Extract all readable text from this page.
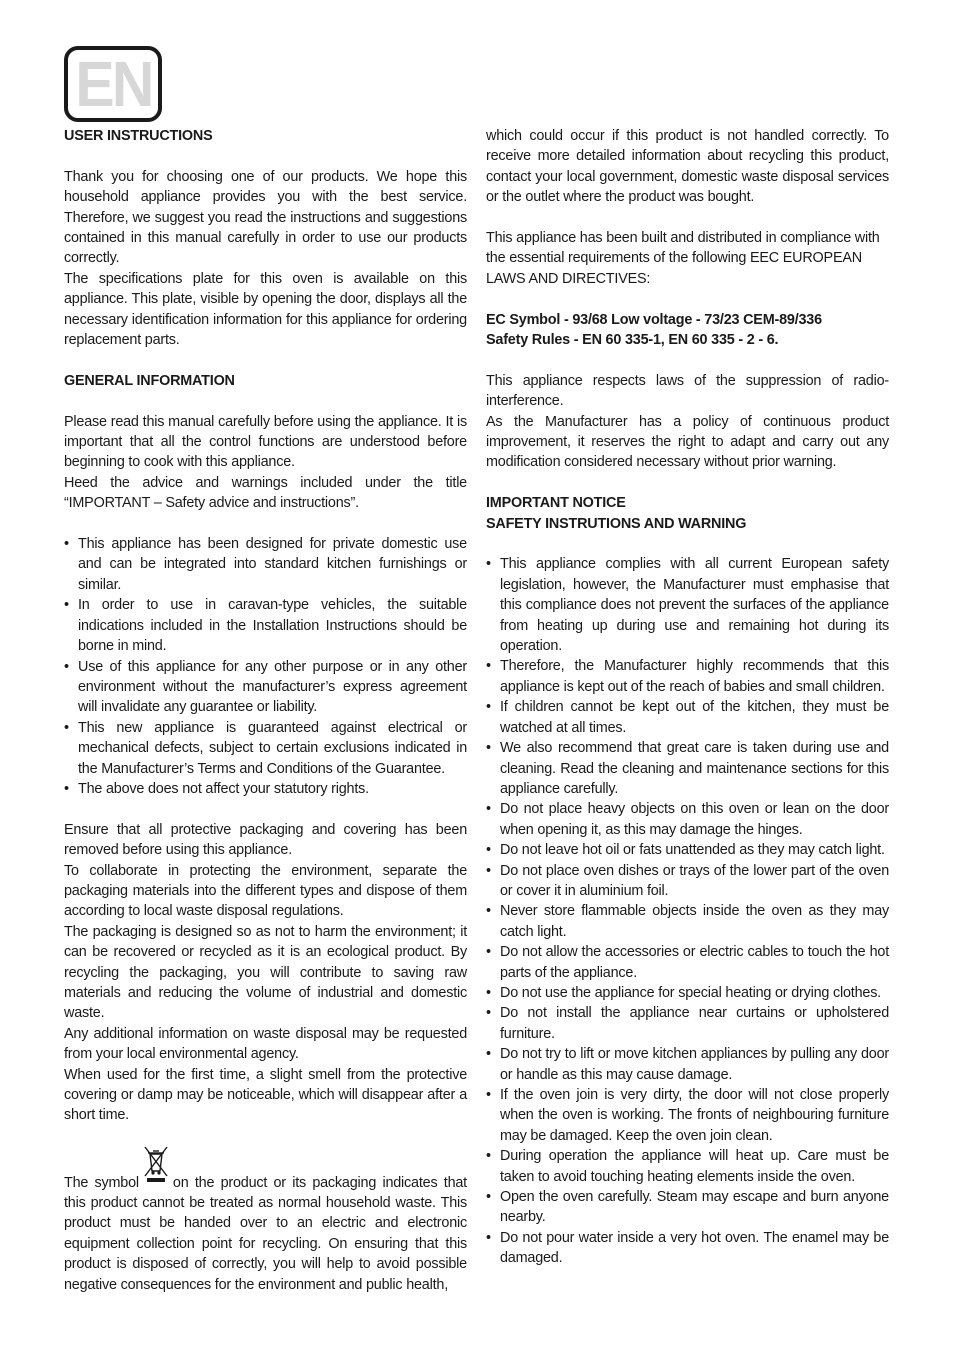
EN

USER INSTRUCTIONS

Thank you for choosing one of our products. We hope this household appliance provides you with the best service. Therefore, we suggest you read the instructions and suggestions contained in this manual carefully in order to use our products correctly.

The specifications plate for this oven is available on this appliance. This plate, visible by opening the door, displays all the necessary identification information for this appliance for ordering replacement parts.

GENERAL INFORMATION

Please read this manual carefully before using the appliance. It is important that all the control functions are understood before beginning to cook with this appliance.

Heed the advice and warnings included under the title “IMPORTANT – Safety advice and instructions”.

• This appliance has been designed for private domestic use and can be integrated into standard kitchen furnishings or similar.
• In order to use in caravan-type vehicles, the suitable indications included in the Installation Instructions should be borne in mind.
• Use of this appliance for any other purpose or in any other environment without the manufacturer’s express agreement will invalidate any guarantee or liability.
• This new appliance is guaranteed against electrical or mechanical defects, subject to certain exclusions indicated in the Manufacturer’s Terms and Conditions of the Guarantee.
• The above does not affect your statutory rights.

Ensure that all protective packaging and covering has been removed before using this appliance.

To collaborate in protecting the environment, separate the packaging materials into the different types and dispose of them according to local waste disposal regulations.

The packaging is designed so as not to harm the environment; it can be recovered or recycled as it is an ecological product. By recycling the packaging, you will contribute to saving raw materials and reducing the volume of industrial and domestic waste.

Any additional information on waste disposal may be requested from your local environmental agency.

When used for the first time, a slight smell from the protective covering or damp may be noticeable, which will disappear after a short time.

The symbol on the product or its packaging indicates that this product cannot be treated as normal household waste. This product must be handed over to an electric and electronic equipment collection point for recycling. On ensuring that this product is disposed of correctly, you will help to avoid possible negative consequences for the environment and public health,

which could occur if this product is not handled correctly. To receive more detailed information about recycling this product, contact your local government, domestic waste disposal services or the outlet where the product was bought.

This appliance has been built and distributed in compliance with the essential requirements of the following EEC EUROPEAN LAWS AND DIRECTIVES:

EC Symbol - 93/68 Low voltage - 73/23 CEM-89/336

Safety Rules - EN 60 335-1, EN 60 335 - 2 - 6.

This appliance respects laws of the suppression of radio-interference.

As the Manufacturer has a policy of continuous product improvement, it reserves the right to adapt and carry out any modification considered necessary without prior warning.

IMPORTANT NOTICE

SAFETY INSTRUTIONS AND WARNING

• This appliance complies with all current European safety legislation, however, the Manufacturer must emphasise that this compliance does not prevent the surfaces of the appliance from heating up during use and remaining hot during its operation.
• Therefore, the Manufacturer highly recommends that this appliance is kept out of the reach of babies and small children.
• If children cannot be kept out of the kitchen, they must be watched at all times.
• We also recommend that great care is taken during use and cleaning. Read the cleaning and maintenance sections for this appliance carefully.
• Do not place heavy objects on this oven or lean on the door when opening it, as this may damage the hinges.
• Do not leave hot oil or fats unattended as they may catch light.
• Do not place oven dishes or trays of the lower part of the oven or cover it in aluminium foil.
• Never store flammable objects inside the oven as they may catch light.
• Do not allow the accessories or electric cables to touch the hot parts of the appliance.
• Do not use the appliance for special heating or drying clothes.
• Do not install the appliance near curtains or upholstered furniture.
• Do not try to lift or move kitchen appliances by pulling any door or handle as this may cause damage.
• If the oven join is very dirty, the door will not close properly when the oven is working. The fronts of neighbouring furniture may be damaged. Keep the oven join clean.
• During operation the appliance will heat up. Care must be taken to avoid touching heating elements inside the oven.
• Open the oven carefully. Steam may escape and burn anyone nearby.
• Do not pour water inside a very hot oven. The enamel may be damaged.
